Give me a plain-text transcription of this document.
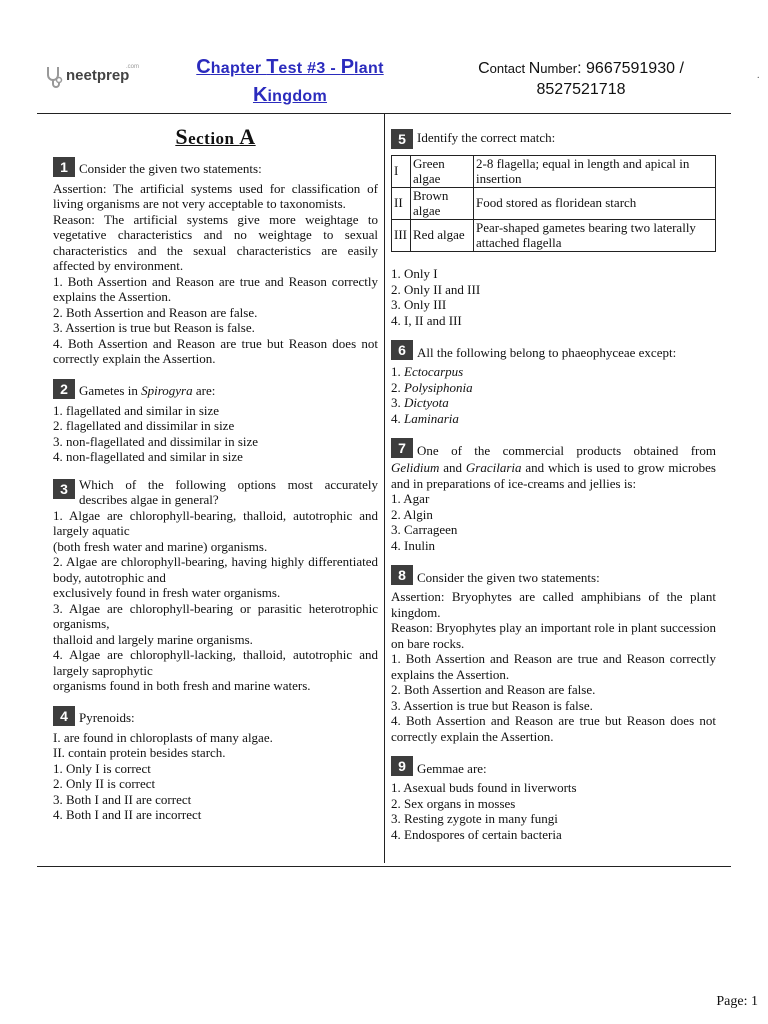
neetprep
.com	Chapter Test #3 - Plant
Kingdom
Contact Number: 9667591930 /
8527521718
.
Section A
1 Consider the given two statements:

Assertion: The artificial systems used for classification of living organisms are not very acceptable to taxonomists.

Reason: The artificial systems give more weightage to vegetative characteristics and no weightage to sexual characteristics and the sexual characteristics are easily affected by environment.

1. Both Assertion and Reason are true and Reason correctly explains the Assertion.

2. Both Assertion and Reason are false.

3. Assertion is true but Reason is false.

4. Both Assertion and Reason are true but Reason does not correctly explain the Assertion.

2 Gametes in Spirogyra are:

1. flagellated and similar in size

2. flagellated and dissimilar in size

3. non-flagellated and dissimilar in size

4. non-flagellated and similar in size

3 Which of the following options most accurately describes algae in general?

1. Algae are chlorophyll-bearing, thalloid, autotrophic and largely aquatic

(both fresh water and marine) organisms.

2. Algae are chlorophyll-bearing, having highly differentiated body, autotrophic and

exclusively found in fresh water organisms.

3. Algae are chlorophyll-bearing or parasitic heterotrophic organisms,

thalloid and largely marine organisms.

4. Algae are chlorophyll-lacking, thalloid, autotrophic and largely saprophytic

organisms found in both fresh and marine waters.

4 Pyrenoids:

I. are found in chloroplasts of many algae.

II. contain protein besides starch.

1. Only I is correct

2. Only II is correct

3. Both I and II are correct

4. Both I and II are incorrect

5 Identify the correct match:
I	Green algae	2-8 flagella; equal in length and apical in insertion
II	Brown algae	Food stored as floridean starch
III	Red algae	Pear-shaped gametes bearing two laterally attached flagella

1. Only I

2. Only II and III

3. Only III

4. I, II and III

6 All the following belong to phaeophyceae except:

1. Ectocarpus

2. Polysiphonia

3. Dictyota

4. Laminaria

7 One of the commercial products obtained from

Gelidium and Gracilaria and which is used to grow microbes and in preparations of ice-creams and jellies is:

1. Agar

2. Algin

3. Carrageen

4. Inulin

8 Consider the given two statements:

Assertion: Bryophytes are called amphibians of the plant kingdom.

Reason: Bryophytes play an important role in plant succession on bare rocks.

1. Both Assertion and Reason are true and Reason correctly explains the Assertion.

2. Both Assertion and Reason are false.

3. Assertion is true but Reason is false.

4. Both Assertion and Reason are true but Reason does not correctly explain the Assertion.

9 Gemmae are:

1. Asexual buds found in liverworts

2. Sex organs in mosses

3. Resting zygote in many fungi

4. Endospores of certain bacteria

Page: 1
